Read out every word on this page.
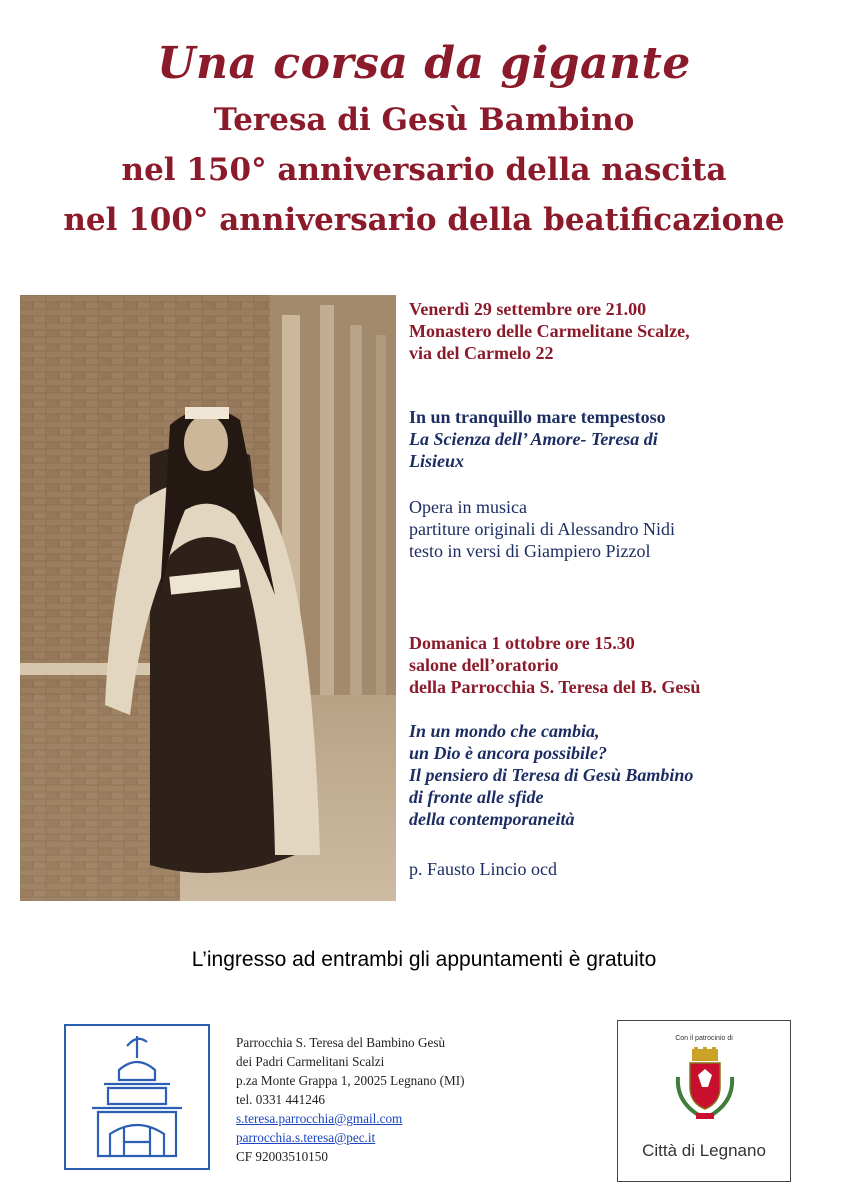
Una corsa da gigante
Teresa di Gesù Bambino
nel 150° anniversario della nascita
nel 100° anniversario della beatificazione
Venerdì 29 settembre ore 21.00
Monastero delle Carmelitane Scalze,
via del Carmelo 22
In un tranquillo mare tempestoso
La Scienza dell’ Amore- Teresa di
Lisieux
Opera in musica
partiture originali di Alessandro Nidi
testo in versi di Giampiero Pizzol
Domanica 1 ottobre ore 15.30
salone dell’oratorio
della Parrocchia S. Teresa del B. Gesù
In un mondo che cambia,
un Dio è ancora possibile?
Il pensiero di Teresa di Gesù Bambino
di fronte alle sfide
della contemporaneità
p. Fausto Lincio ocd
L’ingresso ad entrambi gli appuntamenti è gratuito
Parrocchia S. Teresa del Bambino Gesù
dei Padri Carmelitani Scalzi
p.za Monte Grappa 1, 20025 Legnano (MI)
tel. 0331 441246
s.teresa.parrocchia@gmail.com
parrocchia.s.teresa@pec.it
CF 92003510150
Con il patrocinio di
Città di Legnano
